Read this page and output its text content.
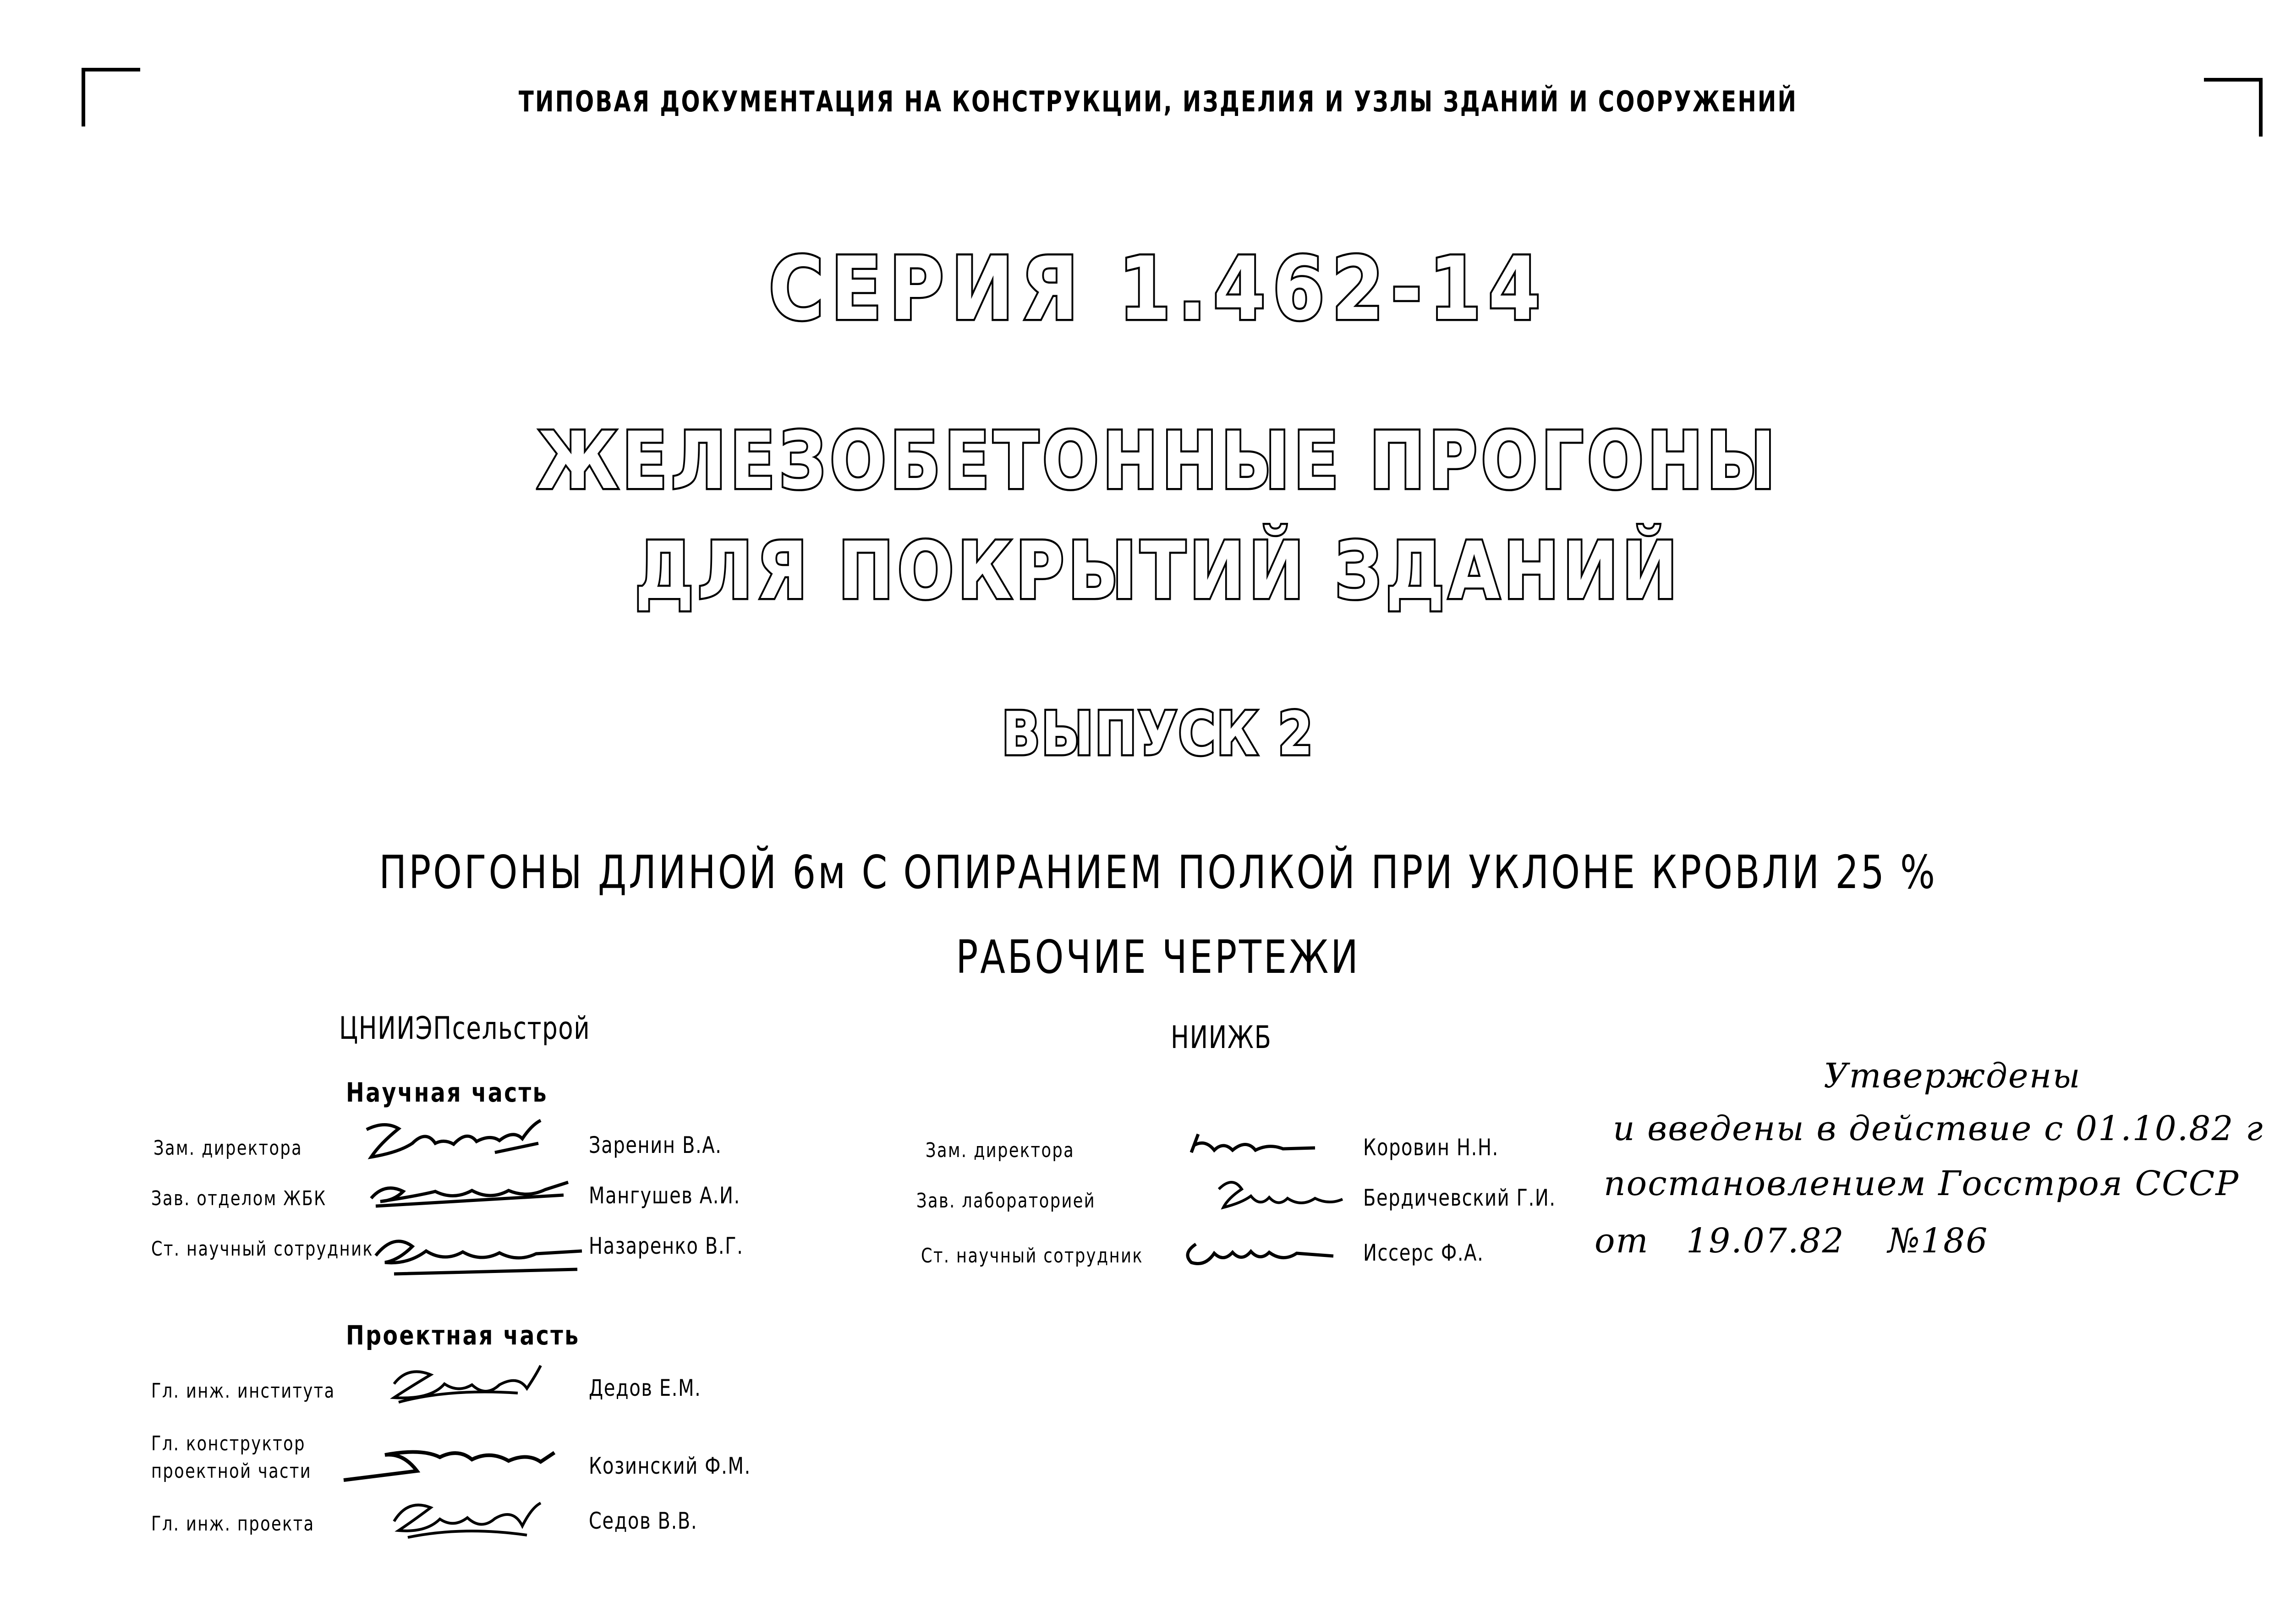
ТИПОВАЯ ДОКУМЕНТАЦИЯ НА КОНСТРУКЦИИ, ИЗДЕЛИЯ И УЗЛЫ ЗДАНИЙ И СООРУЖЕНИЙ
СЕРИЯ 1.462-14
ЖЕЛЕЗОБЕТОННЫЕ ПРОГОНЫ
ДЛЯ ПОКРЫТИЙ ЗДАНИЙ
ВЫПУСК 2
ПРОГОНЫ ДЛИНОЙ 6м С ОПИРАНИЕМ ПОЛКОЙ ПРИ УКЛОНЕ КРОВЛИ 25 %
РАБОЧИЕ ЧЕРТЕЖИ
ЦНИИЭПсельстрой
Научная часть
Зам. директора	Заренин В.А.
Зав. отделом ЖБК	Мангушев А.И.
Ст. научный сотрудник	Назаренко В.Г.
Проектная часть
Гл. инж. института	Дедов Е.М.
Гл. конструктор
проектной части	Козинский Ф.М.
Гл. инж. проекта	Седов В.В.
НИИЖБ
Зам. директора	Коровин Н.Н.
Зав. лабораторией	Бердичевский Г.И.
Ст. научный сотрудник	Иссерс Ф.А.
Утверждены
и введены в действие с 01.10.82 г
постановлением Госстроя СССР
от 19.07.82 №186
